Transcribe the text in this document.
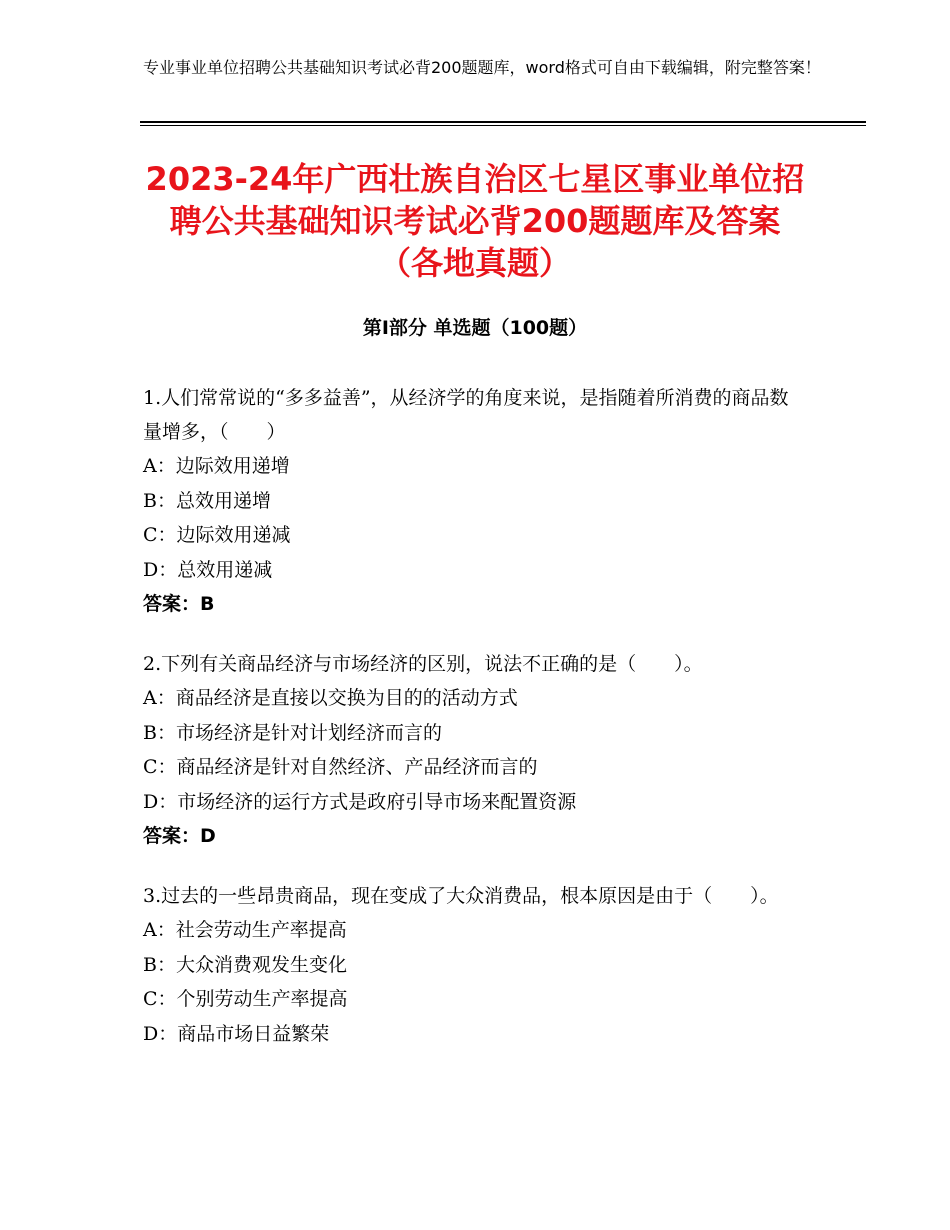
专业事业单位招聘公共基础知识考试必背200题题库，word格式可自由下载编辑，附完整答案！
2023-24年广西壮族自治区七星区事业单位招聘公共基础知识考试必背200题题库及答案（各地真题）
第Ⅰ部分 单选题（100题）

1.人们常常说的“多多益善”，从经济学的角度来说，是指随着所消费的商品数量增多，（　　）

A：边际效用递增

B：总效用递增

C：边际效用递减

D：总效用递减

答案：B

2.下列有关商品经济与市场经济的区别，说法不正确的是（　　）。

A：商品经济是直接以交换为目的的活动方式

B：市场经济是针对计划经济而言的

C：商品经济是针对自然经济、产品经济而言的

D：市场经济的运行方式是政府引导市场来配置资源

答案：D

3.过去的一些昂贵商品，现在变成了大众消费品，根本原因是由于（　　）。

A：社会劳动生产率提高

B：大众消费观发生变化

C：个别劳动生产率提高

D：商品市场日益繁荣
